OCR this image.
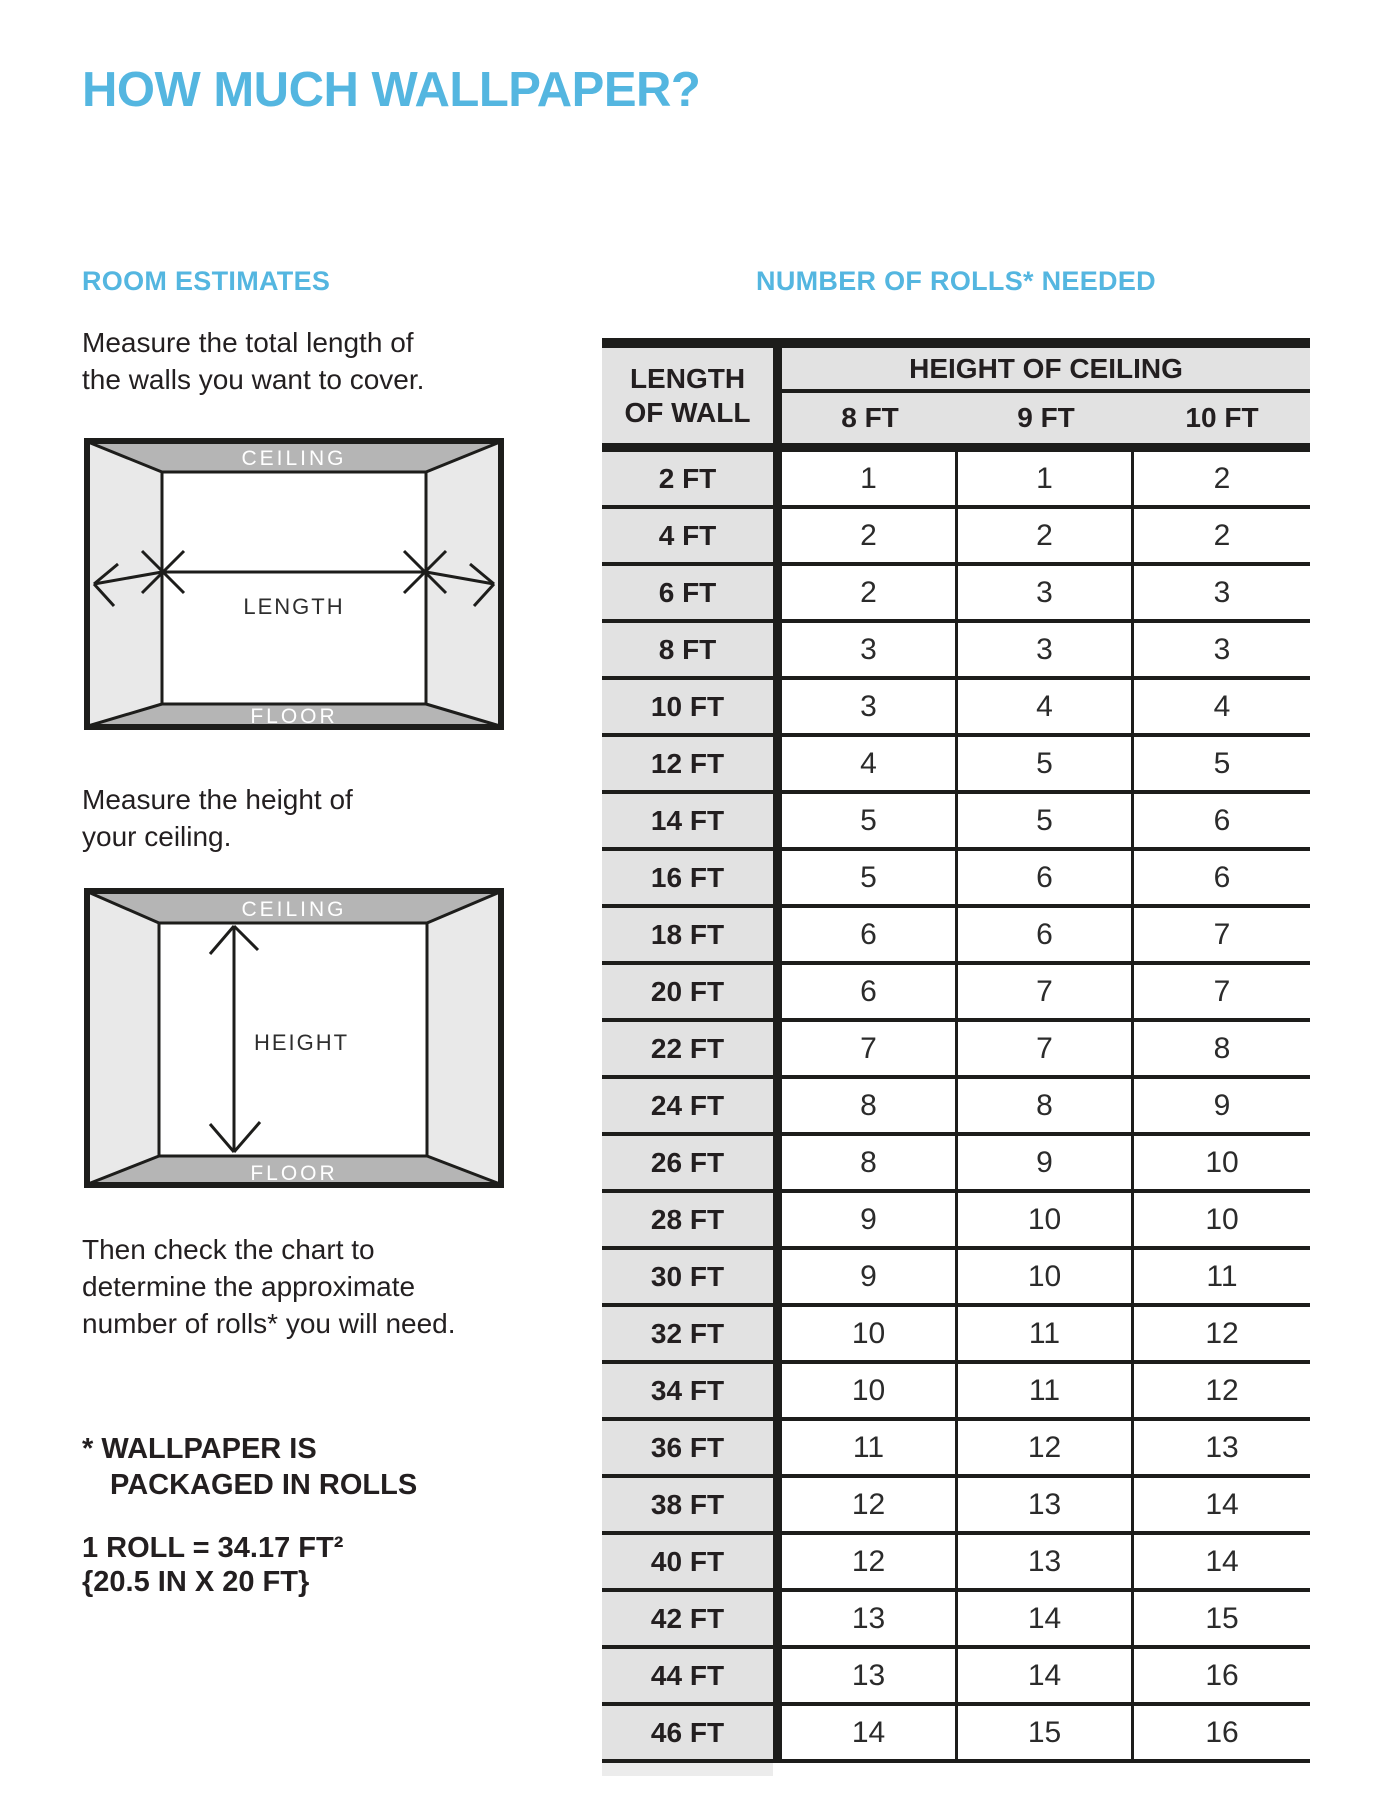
HOW MUCH WALLPAPER?
ROOM ESTIMATES
Measure the total length of
the walls you want to cover.
CEILING
FLOOR
LENGTH
Measure the height of
your ceiling.
CEILING
FLOOR
HEIGHT
Then check the chart to
determine the approximate
number of rolls* you will need.
* WALLPAPER IS
PACKAGED IN ROLLS
1 ROLL = 34.17 FT²
{20.5 IN X 20 FT}
NUMBER OF ROLLS* NEEDED
LENGTH
OF WALL
HEIGHT OF CEILING
8 FT	9 FT	10 FT
2 FT	1	1	2
4 FT	2	2	2
6 FT	2	3	3
8 FT	3	3	3
10 FT	3	4	4
12 FT	4	5	5
14 FT	5	5	6
16 FT	5	6	6
18 FT	6	6	7
20 FT	6	7	7
22 FT	7	7	8
24 FT	8	8	9
26 FT	8	9	10
28 FT	9	10	10
30 FT	9	10	11
32 FT	10	11	12
34 FT	10	11	12
36 FT	11	12	13
38 FT	12	13	14
40 FT	12	13	14
42 FT	13	14	15
44 FT	13	14	16
46 FT	14	15	16
